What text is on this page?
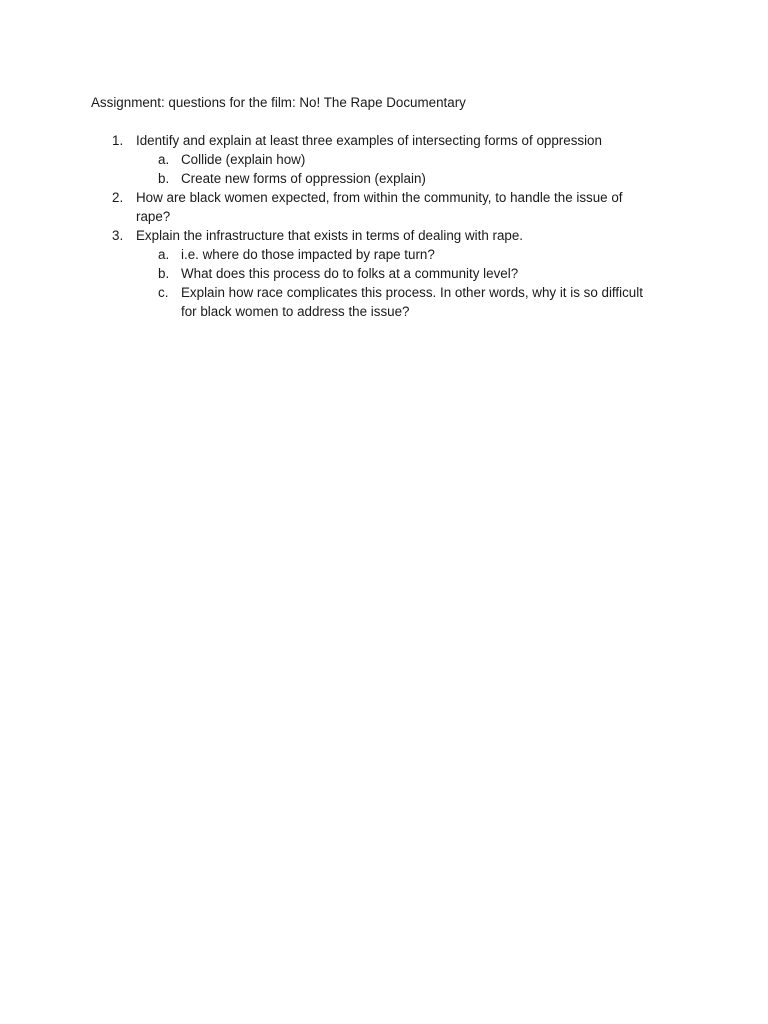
Assignment: questions for the film: No! The Rape Documentary
1. Identify and explain at least three examples of intersecting forms of oppression
a. Collide (explain how)
b. Create new forms of oppression (explain)
2. How are black women expected, from within the community, to handle the issue of rape?
3. Explain the infrastructure that exists in terms of dealing with rape.
a. i.e. where do those impacted by rape turn?
b. What does this process do to folks at a community level?
c. Explain how race complicates this process. In other words, why it is so difficult for black women to address the issue?
